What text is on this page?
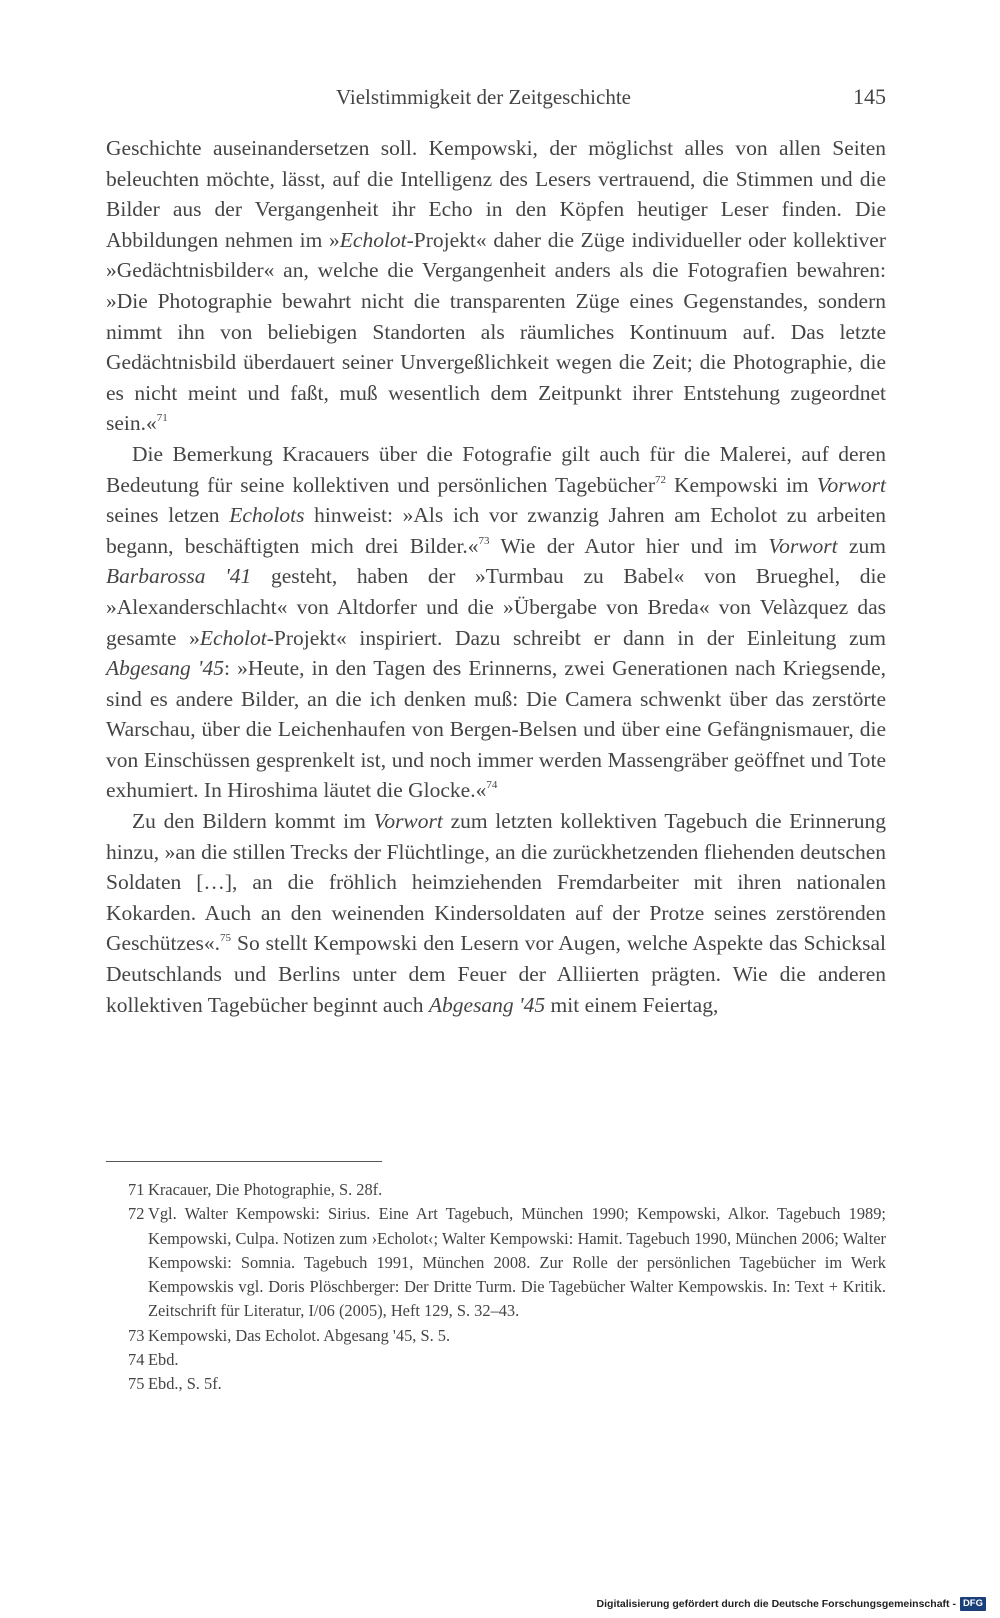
Vielstimmigkeit der Zeitgeschichte	145

Geschichte auseinandersetzen soll. Kempowski, der möglichst alles von allen Seiten beleuchten möchte, lässt, auf die Intelligenz des Lesers vertrauend, die Stimmen und die Bilder aus der Vergangenheit ihr Echo in den Köpfen heutiger Leser finden. Die Abbildungen nehmen im »Echolot-Projekt« daher die Züge individueller oder kollektiver »Gedächtnisbilder« an, welche die Vergangenheit anders als die Fotografien bewahren: »Die Photographie bewahrt nicht die transparenten Züge eines Gegenstandes, sondern nimmt ihn von beliebigen Standorten als räumliches Kontinuum auf. Das letzte Gedächtnisbild überdauert seiner Unvergeßlichkeit wegen die Zeit; die Photographie, die es nicht meint und faßt, muß wesentlich dem Zeitpunkt ihrer Entstehung zugeordnet sein.«$^{71}$

Die Bemerkung Kracauers über die Fotografie gilt auch für die Malerei, auf deren Bedeutung für seine kollektiven und persönlichen Tagebücher$^{72}$ Kempowski im Vorwort seines letzen Echolots hinweist: »Als ich vor zwanzig Jahren am Echolot zu arbeiten begann, beschäftigten mich drei Bilder.«$^{73}$ Wie der Autor hier und im Vorwort zum Barbarossa '41 gesteht, haben der »Turmbau zu Babel« von Brueghel, die »Alexanderschlacht« von Altdorfer und die »Übergabe von Breda« von Velàzquez das gesamte »Echolot-Projekt« inspiriert. Dazu schreibt er dann in der Einleitung zum Abgesang '45: »Heute, in den Tagen des Erinnerns, zwei Generationen nach Kriegsende, sind es andere Bilder, an die ich denken muß: Die Camera schwenkt über das zerstörte Warschau, über die Leichenhaufen von Bergen-Belsen und über eine Gefängnismauer, die von Einschüssen gesprenkelt ist, und noch immer werden Massengräber geöffnet und Tote exhumiert. In Hiroshima läutet die Glocke.«$^{74}$

Zu den Bildern kommt im Vorwort zum letzten kollektiven Tagebuch die Erinnerung hinzu, »an die stillen Trecks der Flüchtlinge, an die zurückhetzenden fliehenden deutschen Soldaten […], an die fröhlich heimziehenden Fremdarbeiter mit ihren nationalen Kokarden. Auch an den weinenden Kindersoldaten auf der Protze seines zerstörenden Geschützes«.$^{75}$ So stellt Kempowski den Lesern vor Augen, welche Aspekte das Schicksal Deutschlands und Berlins unter dem Feuer der Alliierten prägten. Wie die anderen kollektiven Tagebücher beginnt auch Abgesang '45 mit einem Feiertag,

71 Kracauer, Die Photographie, S. 28f.
72 Vgl. Walter Kempowski: Sirius. Eine Art Tagebuch, München 1990; Kempowski, Alkor. Tagebuch 1989; Kempowski, Culpa. Notizen zum ›Echolot‹; Walter Kempowski: Hamit. Tagebuch 1990, München 2006; Walter Kempowski: Somnia. Tagebuch 1991, München 2008. Zur Rolle der persönlichen Tagebücher im Werk Kempowskis vgl. Doris Plöschberger: Der Dritte Turm. Die Tagebücher Walter Kempowskis. In: Text + Kritik. Zeitschrift für Literatur, I/06 (2005), Heft 129, S. 32–43.
73 Kempowski, Das Echolot. Abgesang '45, S. 5.
74 Ebd.
75 Ebd., S. 5f.
Digitalisierung gefördert durch die Deutsche Forschungsgemeinschaft - DFG
